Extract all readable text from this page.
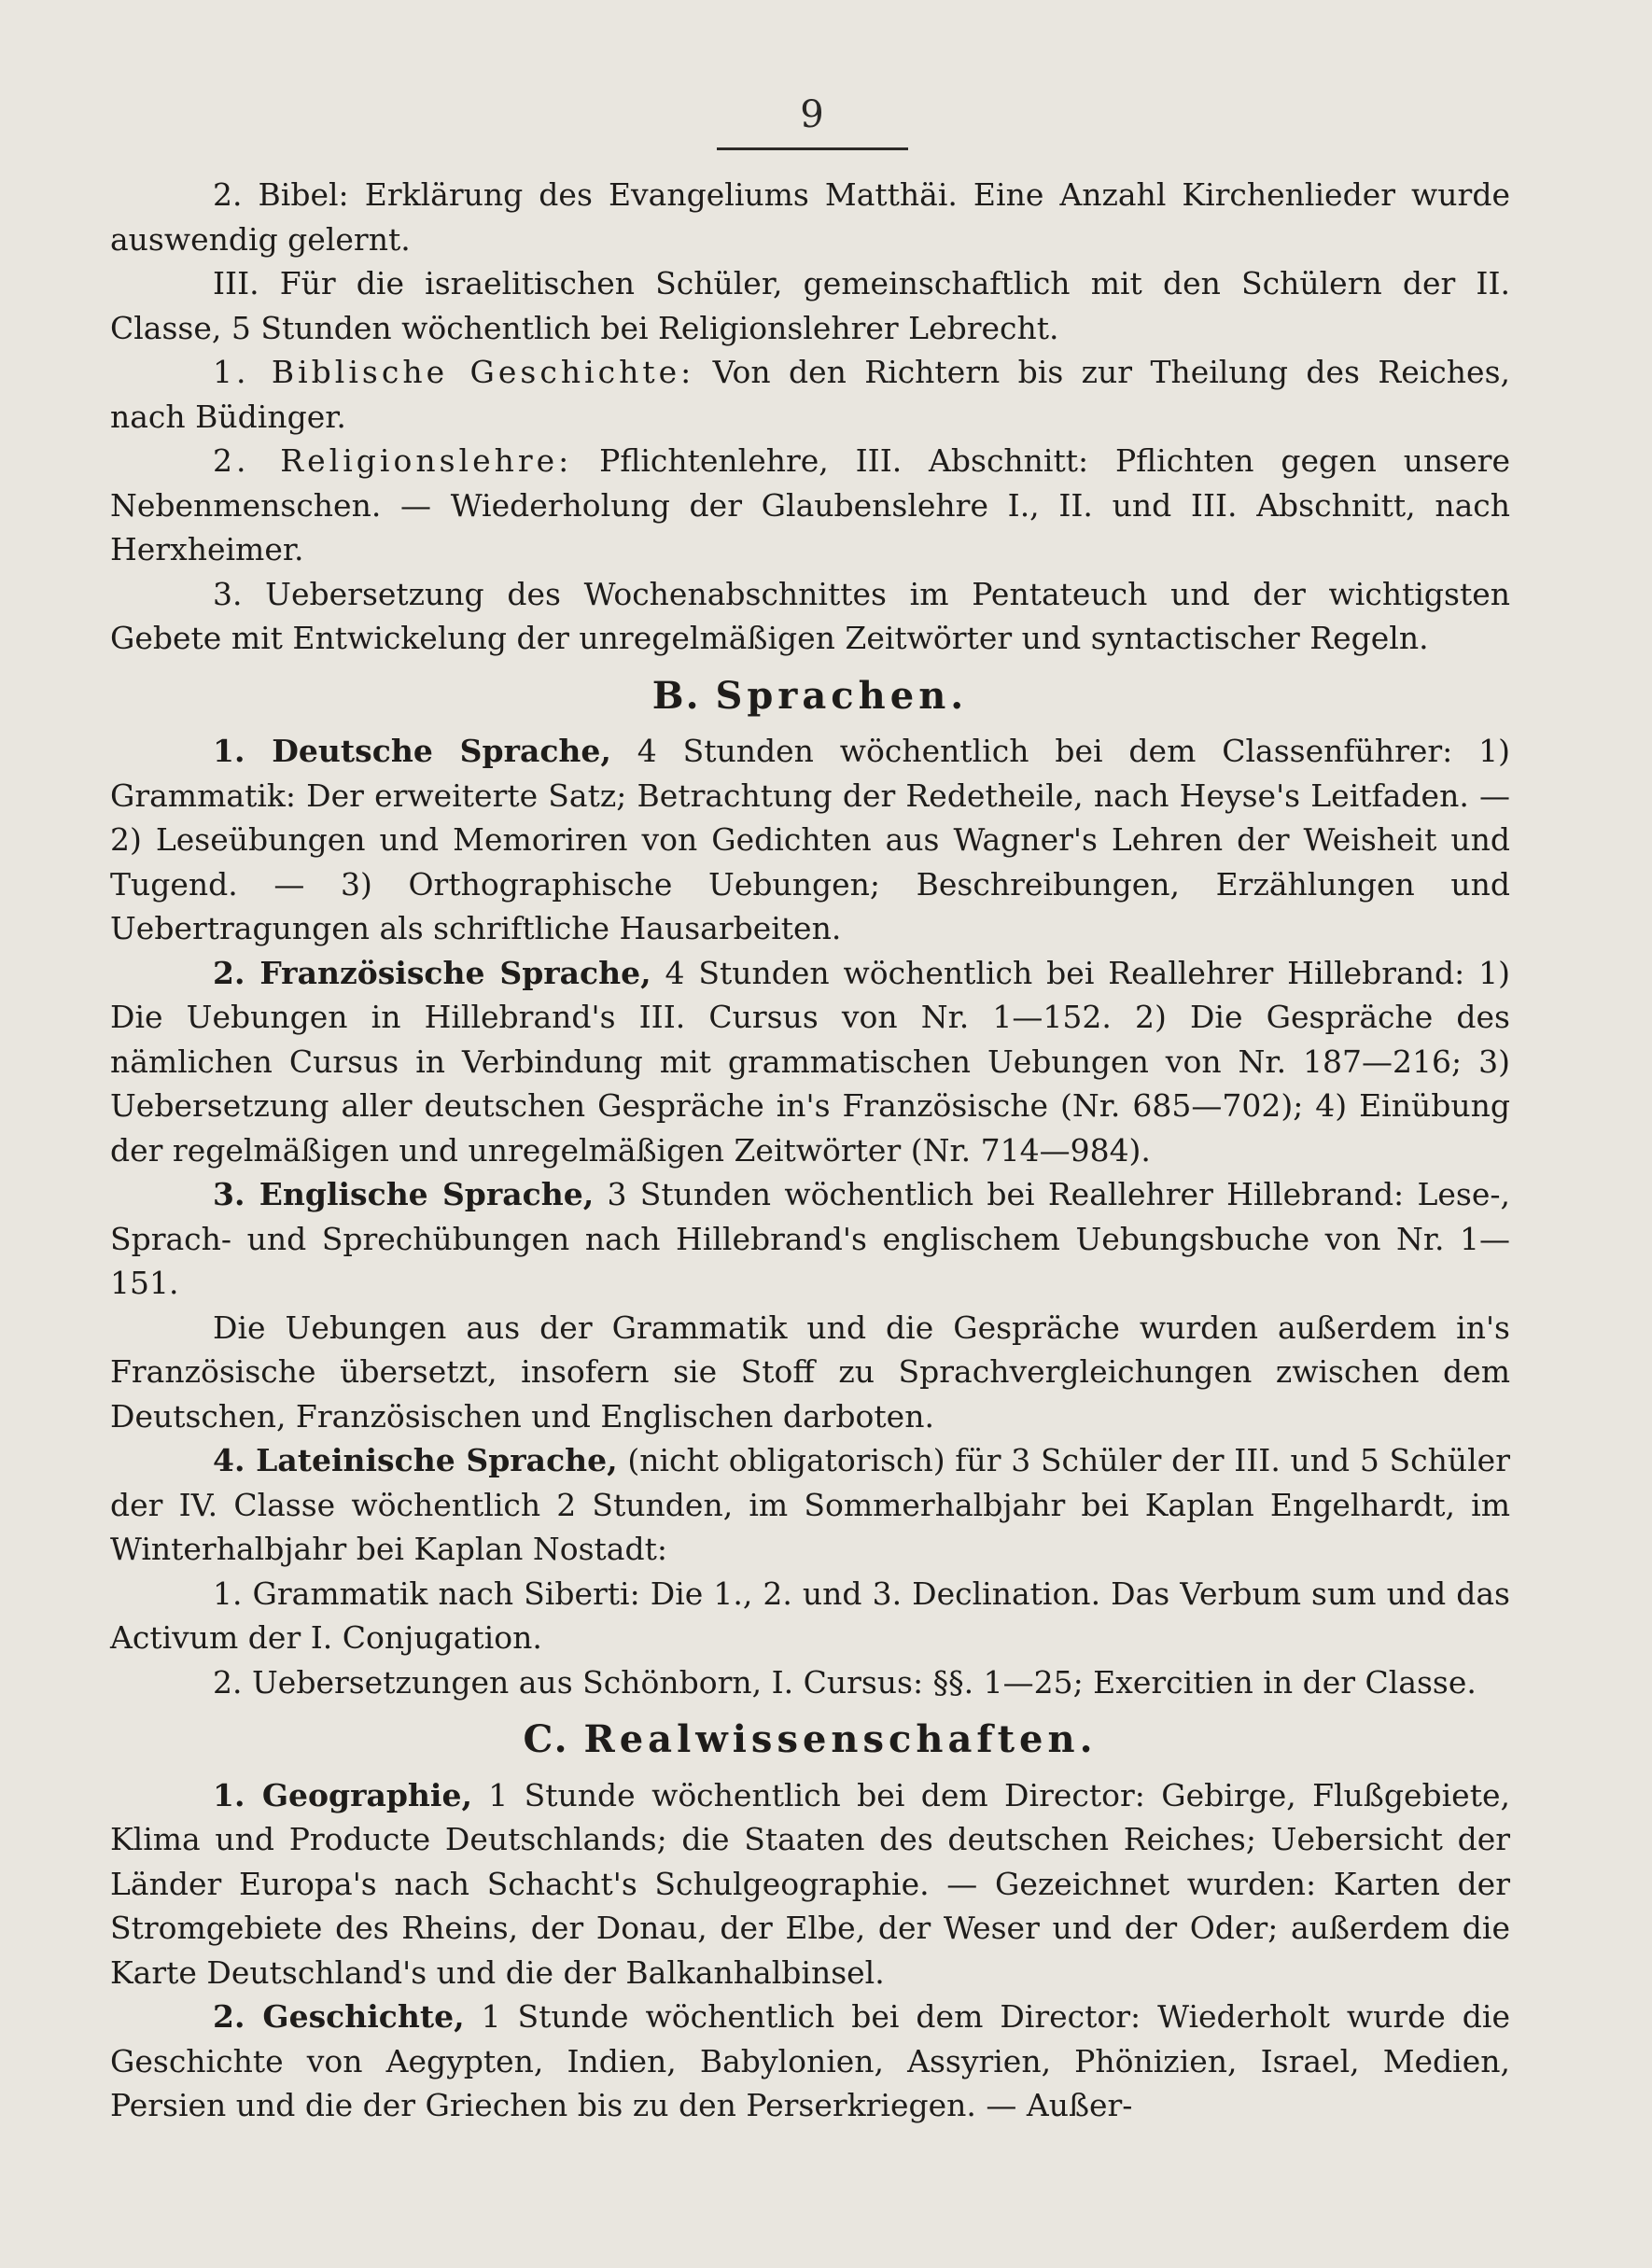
9

2. Bibel: Erklärung des Evangeliums Matthäi. Eine Anzahl Kirchenlieder wurde auswendig gelernt.

III. Für die israelitischen Schüler, gemeinschaftlich mit den Schülern der II. Classe, 5 Stunden wöchentlich bei Religionslehrer Lebrecht.

1. Biblische Geschichte: Von den Richtern bis zur Theilung des Reiches, nach Büdinger.

2. Religionslehre: Pflichtenlehre, III. Abschnitt: Pflichten gegen unsere Nebenmenschen. — Wiederholung der Glaubenslehre I., II. und III. Abschnitt, nach Herxheimer.

3. Uebersetzung des Wochenabschnittes im Pentateuch und der wichtigsten Gebete mit Entwickelung der unregelmäßigen Zeitwörter und syntactischer Regeln.

B. Sprachen.

1. Deutsche Sprache, 4 Stunden wöchentlich bei dem Classenführer: 1) Grammatik: Der erweiterte Satz; Betrachtung der Redetheile, nach Heyse's Leitfaden. — 2) Leseübungen und Memoriren von Gedichten aus Wagner's Lehren der Weisheit und Tugend. — 3) Orthographische Uebungen; Beschreibungen, Erzählungen und Uebertragungen als schriftliche Hausarbeiten.

2. Französische Sprache, 4 Stunden wöchentlich bei Reallehrer Hillebrand: 1) Die Uebungen in Hillebrand's III. Cursus von Nr. 1—152. 2) Die Gespräche des nämlichen Cursus in Verbindung mit grammatischen Uebungen von Nr. 187—216; 3) Uebersetzung aller deutschen Gespräche in's Französische (Nr. 685—702); 4) Einübung der regelmäßigen und unregelmäßigen Zeitwörter (Nr. 714—984).

3. Englische Sprache, 3 Stunden wöchentlich bei Reallehrer Hillebrand: Lese-, Sprach- und Sprechübungen nach Hillebrand's englischem Uebungsbuche von Nr. 1—151.

Die Uebungen aus der Grammatik und die Gespräche wurden außerdem in's Französische übersetzt, insofern sie Stoff zu Sprachvergleichungen zwischen dem Deutschen, Französischen und Englischen darboten.

4. Lateinische Sprache, (nicht obligatorisch) für 3 Schüler der III. und 5 Schüler der IV. Classe wöchentlich 2 Stunden, im Sommerhalbjahr bei Kaplan Engelhardt, im Winterhalbjahr bei Kaplan Nostadt:

1. Grammatik nach Siberti: Die 1., 2. und 3. Declination. Das Verbum sum und das Activum der I. Conjugation.

2. Uebersetzungen aus Schönborn, I. Cursus: §§. 1—25; Exercitien in der Classe.

C. Realwissenschaften.

1. Geographie, 1 Stunde wöchentlich bei dem Director: Gebirge, Flußgebiete, Klima und Producte Deutschlands; die Staaten des deutschen Reiches; Uebersicht der Länder Europa's nach Schacht's Schulgeographie. — Gezeichnet wurden: Karten der Stromgebiete des Rheins, der Donau, der Elbe, der Weser und der Oder; außerdem die Karte Deutschland's und die der Balkanhalbinsel.

2. Geschichte, 1 Stunde wöchentlich bei dem Director: Wiederholt wurde die Geschichte von Aegypten, Indien, Babylonien, Assyrien, Phönizien, Israel, Medien, Persien und die der Griechen bis zu den Perserkriegen. — Außer-
